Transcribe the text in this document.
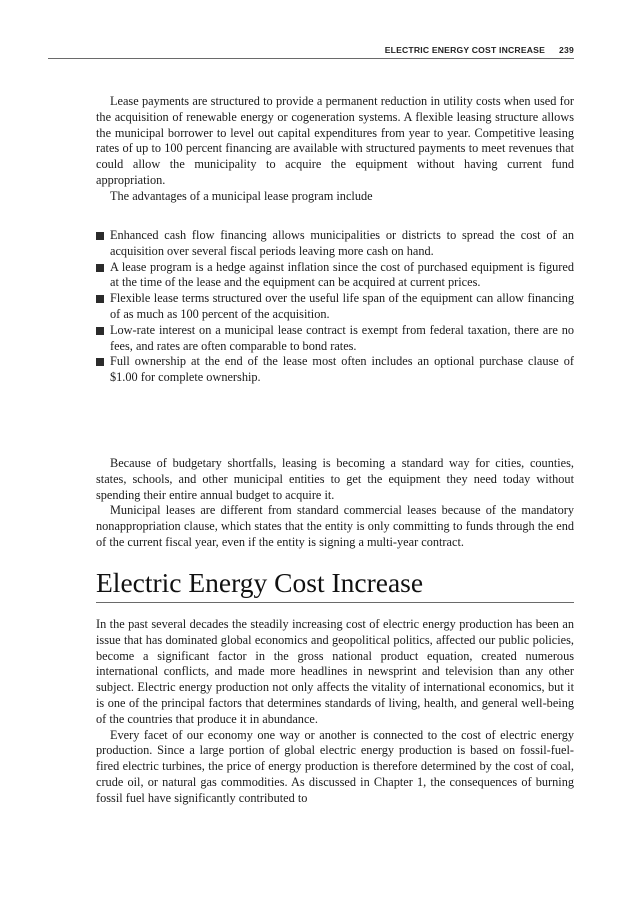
ELECTRIC ENERGY COST INCREASE 239

Lease payments are structured to provide a permanent reduction in utility costs when used for the acquisition of renewable energy or cogeneration systems. A flexible leasing structure allows the municipal borrower to level out capital expenditures from year to year. Competitive leasing rates of up to 100 percent financing are available with structured payments to meet revenues that could allow the municipality to acquire the equipment without having current fund appropriation.

The advantages of a municipal lease program include

Enhanced cash flow financing allows municipalities or districts to spread the cost of an acquisition over several fiscal periods leaving more cash on hand.
A lease program is a hedge against inflation since the cost of purchased equipment is figured at the time of the lease and the equipment can be acquired at current prices.
Flexible lease terms structured over the useful life span of the equipment can allow financing of as much as 100 percent of the acquisition.
Low-rate interest on a municipal lease contract is exempt from federal taxation, there are no fees, and rates are often comparable to bond rates.
Full ownership at the end of the lease most often includes an optional purchase clause of $1.00 for complete ownership.

Because of budgetary shortfalls, leasing is becoming a standard way for cities, counties, states, schools, and other municipal entities to get the equipment they need today without spending their entire annual budget to acquire it.

Municipal leases are different from standard commercial leases because of the mandatory nonappropriation clause, which states that the entity is only committing to funds through the end of the current fiscal year, even if the entity is signing a multi-year contract.

Electric Energy Cost Increase

In the past several decades the steadily increasing cost of electric energy production has been an issue that has dominated global economics and geopolitical politics, affected our public policies, become a significant factor in the gross national product equation, created numerous international conflicts, and made more headlines in newsprint and television than any other subject. Electric energy production not only affects the vitality of international economics, but it is one of the principal factors that determines standards of living, health, and general well-being of the countries that produce it in abundance.

Every facet of our economy one way or another is connected to the cost of electric energy production. Since a large portion of global electric energy production is based on fossil-fuel-fired electric turbines, the price of energy production is therefore determined by the cost of coal, crude oil, or natural gas commodities. As discussed in Chapter 1, the consequences of burning fossil fuel have significantly contributed to
